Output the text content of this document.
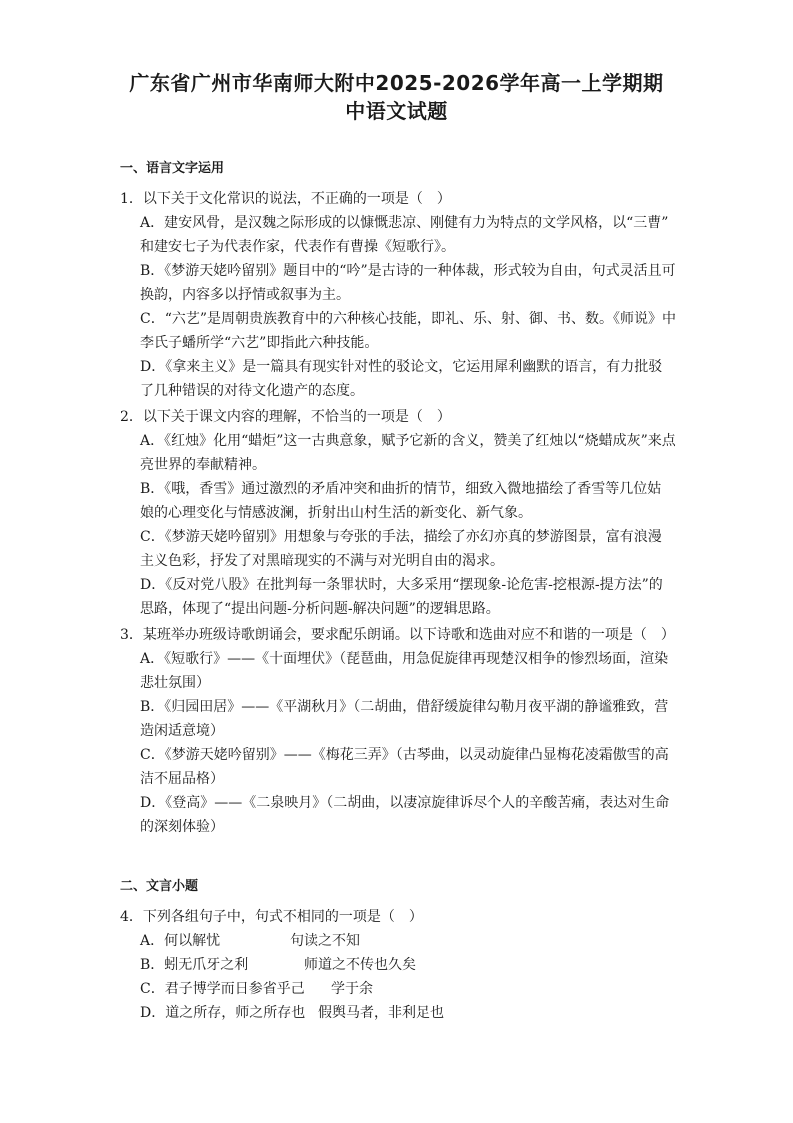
广东省广州市华南师大附中2025-2026学年高一上学期期
中语文试题
一、语言文字运用
1．以下关于文化常识的说法，不正确的一项是（　）
A．建安风骨，是汉魏之际形成的以慷慨悲凉、刚健有力为特点的文学风格，以“三曹”
和建安七子为代表作家，代表作有曹操《短歌行》。
B．《梦游天姥吟留别》题目中的“吟”是古诗的一种体裁，形式较为自由，句式灵活且可
换韵，内容多以抒情或叙事为主。
C．“六艺”是周朝贵族教育中的六种核心技能，即礼、乐、射、御、书、数。《师说》中
李氏子蟠所学“六艺”即指此六种技能。
D．《拿来主义》是一篇具有现实针对性的驳论文，它运用犀利幽默的语言，有力批驳
了几种错误的对待文化遗产的态度。
2．以下关于课文内容的理解，不恰当的一项是（　）
A．《红烛》化用“蜡炬”这一古典意象，赋予它新的含义，赞美了红烛以“烧蜡成灰”来点
亮世界的奉献精神。
B．《哦，香雪》通过激烈的矛盾冲突和曲折的情节，细致入微地描绘了香雪等几位姑
娘的心理变化与情感波澜，折射出山村生活的新变化、新气象。
C．《梦游天姥吟留别》用想象与夸张的手法，描绘了亦幻亦真的梦游图景，富有浪漫
主义色彩，抒发了对黑暗现实的不满与对光明自由的渴求。
D．《反对党八股》在批判每一条罪状时，大多采用“摆现象-论危害-挖根源-提方法”的
思路，体现了“提出问题-分析问题-解决问题”的逻辑思路。
3．某班举办班级诗歌朗诵会，要求配乐朗诵。以下诗歌和选曲对应不和谐的一项是（　）
A．《短歌行》——《十面埋伏》（琵琶曲，用急促旋律再现楚汉相争的惨烈场面，渲染
悲壮氛围）
B．《归园田居》——《平湖秋月》（二胡曲，借舒缓旋律勾勒月夜平湖的静谧雅致，营
造闲适意境）
C．《梦游天姥吟留别》——《梅花三弄》（古琴曲，以灵动旋律凸显梅花凌霜傲雪的高
洁不屈品格）
D．《登高》——《二泉映月》（二胡曲，以凄凉旋律诉尽个人的辛酸苦痛，表达对生命
的深刻体验）
二、文言小题
4．下列各组句子中，句式不相同的一项是（　）
A．何以解忧	句读之不知
B．蚓无爪牙之利	师道之不传也久矣
C．君子博学而日参省乎己 学于余
D．道之所存，师之所存也 假舆马者，非利足也
